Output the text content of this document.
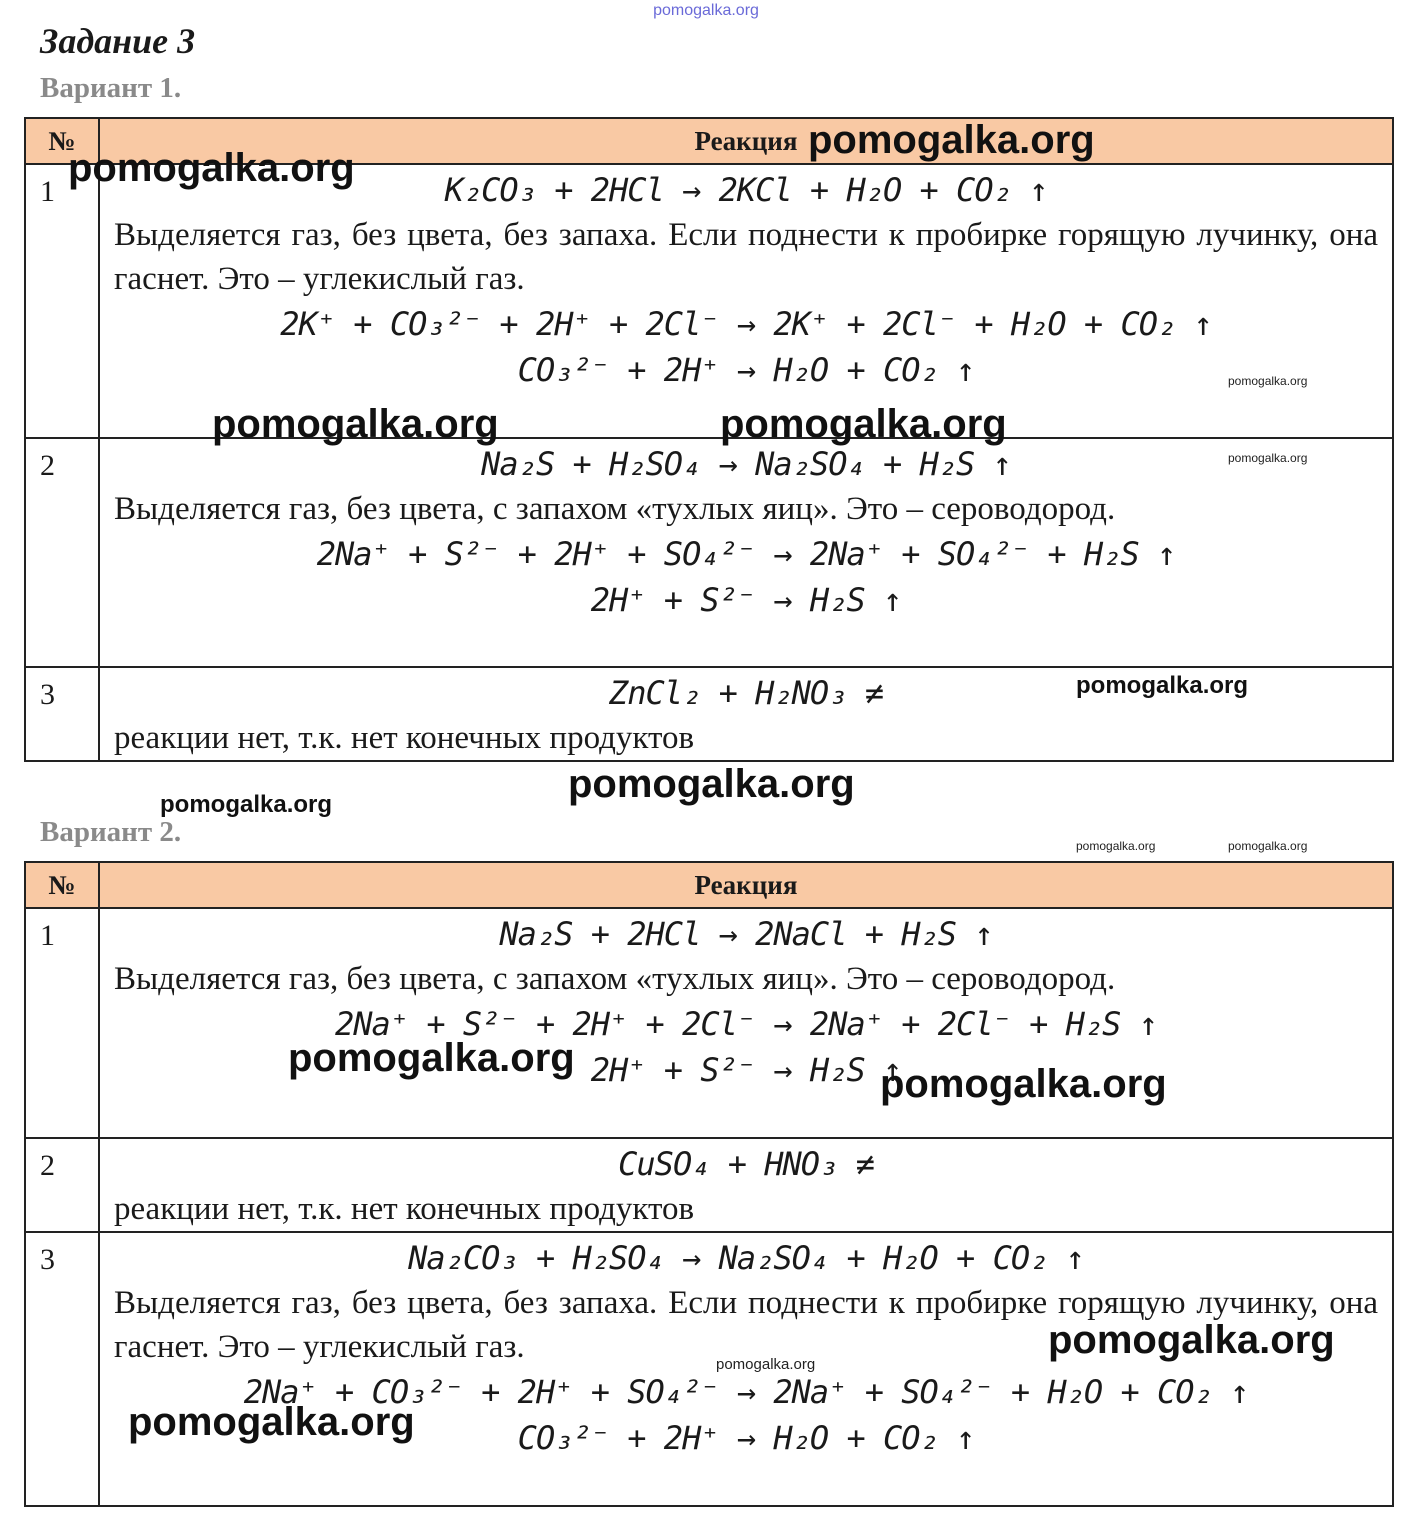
pomogalka.org
Задание 3
Вариант 1.
№	Реакция
1	K₂CO₃ + 2HCl → 2KCl + H₂O + CO₂ ↑
Выделяется газ, без цвета, без запаха. Если поднести к пробирке горящую лучинку, она гаснет. Это – углекислый газ.
2K⁺ + CO₃²⁻ + 2H⁺ + 2Cl⁻ → 2K⁺ + 2Cl⁻ + H₂O + CO₂ ↑
CO₃²⁻ + 2H⁺ → H₂O + CO₂ ↑

2	Na₂S + H₂SO₄ → Na₂SO₄ + H₂S ↑
Выделяется газ, без цвета, с запахом «тухлых яиц». Это – сероводород.
2Na⁺ + S²⁻ + 2H⁺ + SO₄²⁻ → 2Na⁺ + SO₄²⁻ + H₂S ↑
2H⁺ + S²⁻ → H₂S ↑

3	ZnCl₂ + H₂NO₃ ≠
реакции нет, т.к. нет конечных продуктов
Вариант 2.
№	Реакция
1	Na₂S + 2HCl → 2NaCl + H₂S ↑
Выделяется газ, без цвета, с запахом «тухлых яиц». Это – сероводород.
2Na⁺ + S²⁻ + 2H⁺ + 2Cl⁻ → 2Na⁺ + 2Cl⁻ + H₂S ↑
2H⁺ + S²⁻ → H₂S ↑

2	CuSO₄ + HNO₃ ≠
реакции нет, т.к. нет конечных продуктов

3	Na₂CO₃ + H₂SO₄ → Na₂SO₄ + H₂O + CO₂ ↑
Выделяется газ, без цвета, без запаха. Если поднести к пробирке горящую лучинку, она гаснет. Это – углекислый газ.
2Na⁺ + CO₃²⁻ + 2H⁺ + SO₄²⁻ → 2Na⁺ + SO₄²⁻ + H₂O + CO₂ ↑
CO₃²⁻ + 2H⁺ → H₂O + CO₂ ↑
pomogalka.org
pomogalka.org
pomogalka.org
pomogalka.org	pomogalka.org
pomogalka.org
pomogalka.org
pomogalka.org
pomogalka.org
pomogalka.org	pomogalka.org
pomogalka.org
pomogalka.org
pomogalka.org
pomogalka.org
pomogalka.org
